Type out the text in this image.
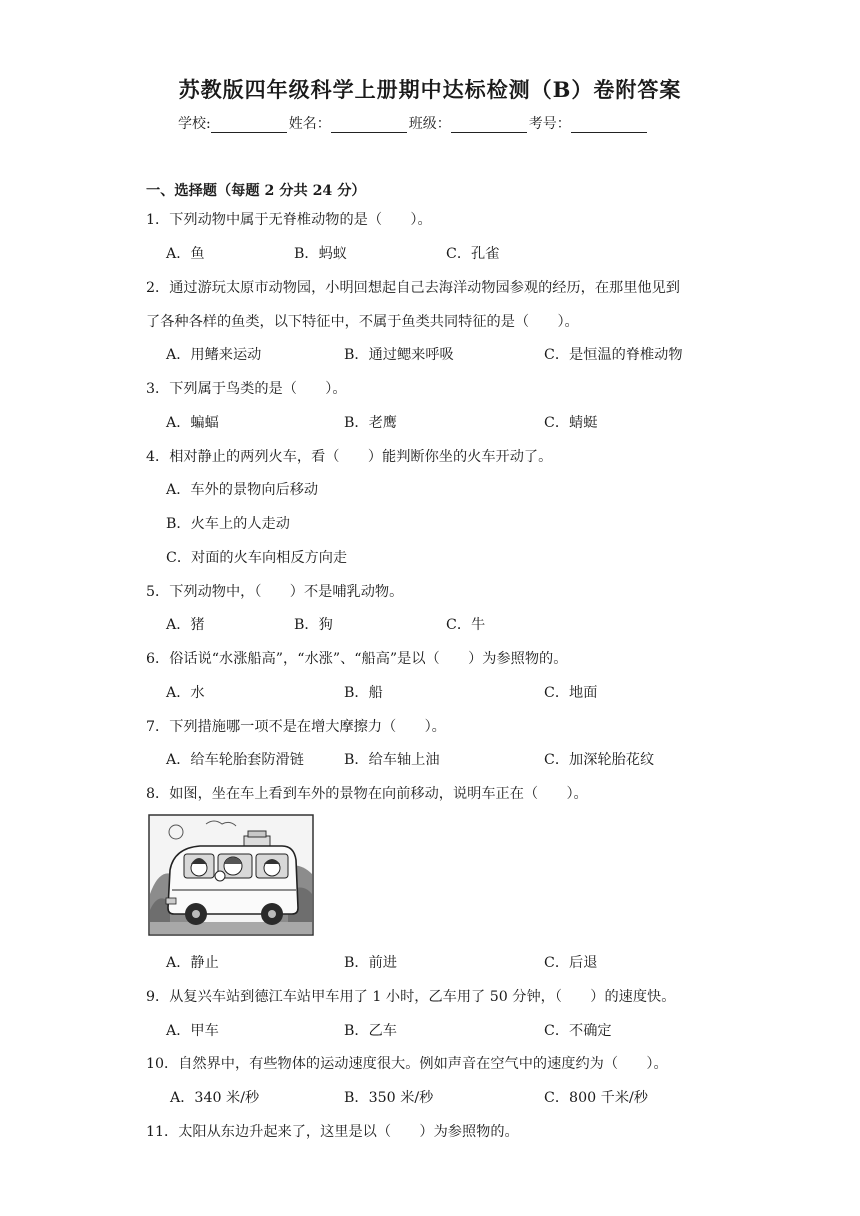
苏教版四年级科学上册期中达标检测（B）卷附答案
学校:	姓名：	班级：	考号：
一、选择题（每题 2 分共 24 分）
1．下列动物中属于无脊椎动物的是（　　）。
A．鱼	B．蚂蚁	C．孔雀
2．通过游玩太原市动物园，小明回想起自己去海洋动物园参观的经历，在那里他见到
了各种各样的鱼类，以下特征中，不属于鱼类共同特征的是（　　）。
A．用鳍来运动	B．通过鳃来呼吸	C．是恒温的脊椎动物
3．下列属于鸟类的是（　　）。
A．蝙蝠	B．老鹰	C．蜻蜓
4．相对静止的两列火车，看（　　）能判断你坐的火车开动了。
A．车外的景物向后移动
B．火车上的人走动
C．对面的火车向相反方向走
5．下列动物中，（　　）不是哺乳动物。
A．猪	B．狗	C．牛
6．俗话说“水涨船高”，“水涨”、“船高”是以（　　）为参照物的。
A．水	B．船	C．地面
7．下列措施哪一项不是在增大摩擦力（　　）。
A．给车轮胎套防滑链	B．给车轴上油	C．加深轮胎花纹
8．如图，坐在车上看到车外的景物在向前移动，说明车正在（　　）。
A．静止	B．前进	C．后退
9．从复兴车站到德江车站甲车用了 1 小时，乙车用了 50 分钟，（　　）的速度快。
A．甲车	B．乙车	C．不确定
10．自然界中，有些物体的运动速度很大。例如声音在空气中的速度约为（　　）。
A．340 米/秒	B．350 米/秒	C．800 千米/秒
11．太阳从东边升起来了，这里是以（　　）为参照物的。
